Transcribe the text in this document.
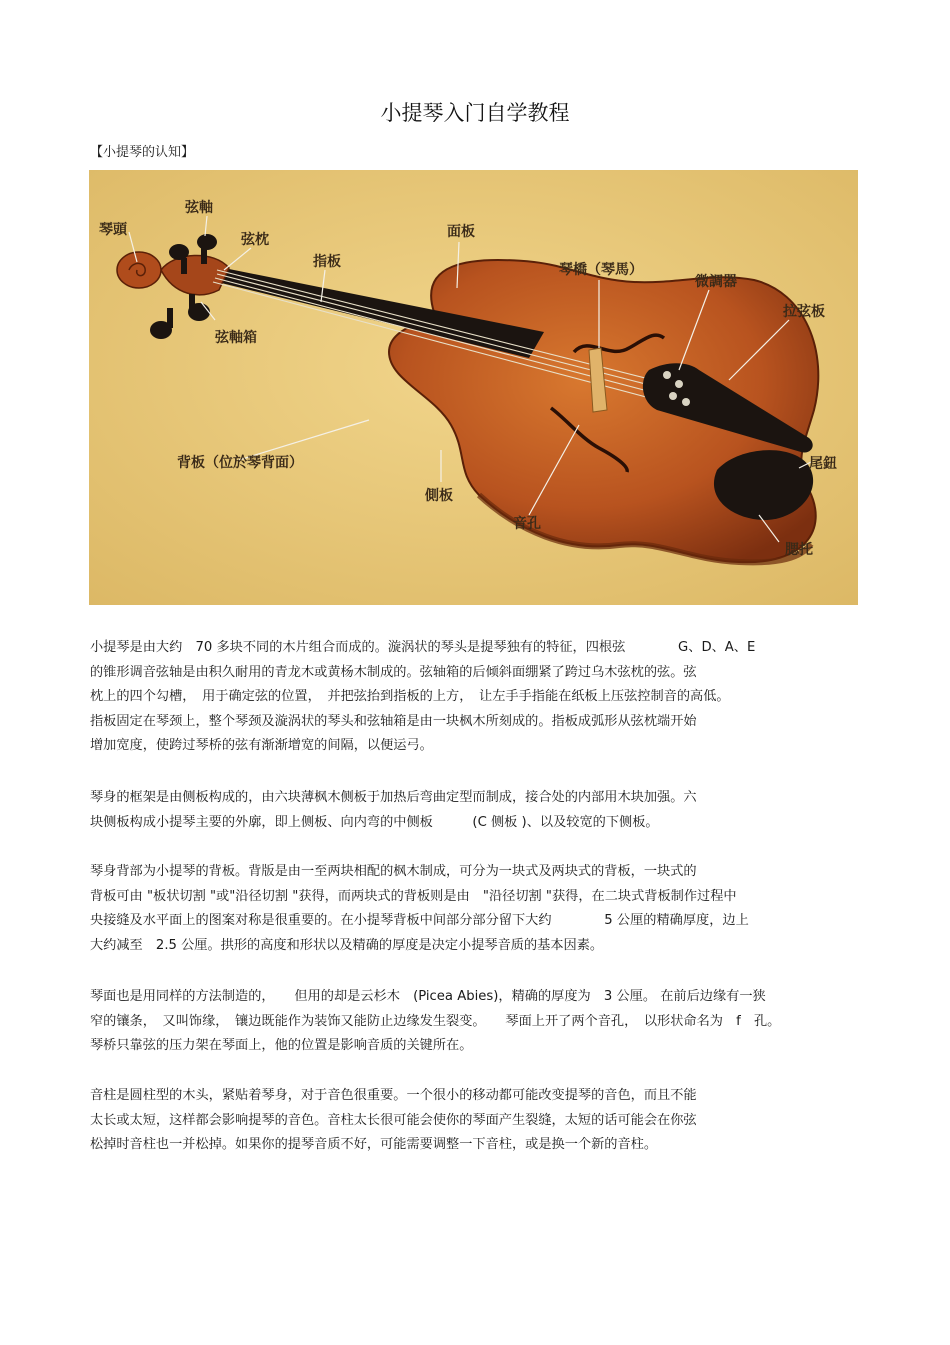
小提琴入门自学教程
【小提琴的认知】
琴頭
弦軸
弦枕
指板
面板
琴橋（琴馬）
微調器
拉弦板
弦軸箱
背板（位於琴背面）
側板
音孔
尾鈕
腮托
小提琴是由大约　70 多块不同的木片组合而成的。漩涡状的琴头是提琴独有的特征，四根弦　　　　G、D、A、E
的锥形调音弦轴是由积久耐用的青龙木或黄杨木制成的。弦轴箱的后倾斜面绷紧了跨过乌木弦枕的弦。弦
枕上的四个勾槽，　用于确定弦的位置，　并把弦抬到指板的上方，　让左手手指能在纸板上压弦控制音的高低。
指板固定在琴颈上，整个琴颈及漩涡状的琴头和弦轴箱是由一块枫木所刻成的。指板成弧形从弦枕端开始
增加宽度，使跨过琴桥的弦有渐渐增宽的间隔，以便运弓。
琴身的框架是由侧板构成的，由六块薄枫木侧板于加热后弯曲定型而制成，接合处的内部用木块加强。六
块侧板构成小提琴主要的外廓，即上侧板、向内弯的中侧板　　　(C 侧板 )、以及较宽的下侧板。
琴身背部为小提琴的背板。背版是由一至两块相配的枫木制成，可分为一块式及两块式的背板，一块式的
背板可由 "板状切割 "或"沿径切割 "获得，而两块式的背板则是由　"沿径切割 "获得，在二块式背板制作过程中
央接缝及水平面上的图案对称是很重要的。在小提琴背板中间部分部分留下大约　　　　5 公厘的精确厚度，边上
大约减至　2.5 公厘。拱形的高度和形状以及精确的厚度是决定小提琴音质的基本因素。
琴面也是用同样的方法制造的，　　但用的却是云杉木　(Picea Abies)，精确的厚度为　3 公厘。 在前后边缘有一狭
窄的镶条，　又叫饰缘，　镶边既能作为装饰又能防止边缘发生裂变。　　琴面上开了两个音孔，　以形状命名为　f　孔。
琴桥只靠弦的压力架在琴面上，他的位置是影响音质的关键所在。
音柱是圆柱型的木头，紧贴着琴身，对于音色很重要。一个很小的移动都可能改变提琴的音色，而且不能
太长或太短，这样都会影响提琴的音色。音柱太长很可能会使你的琴面产生裂缝，太短的话可能会在你弦
松掉时音柱也一并松掉。如果你的提琴音质不好，可能需要调整一下音柱，或是换一个新的音柱。
